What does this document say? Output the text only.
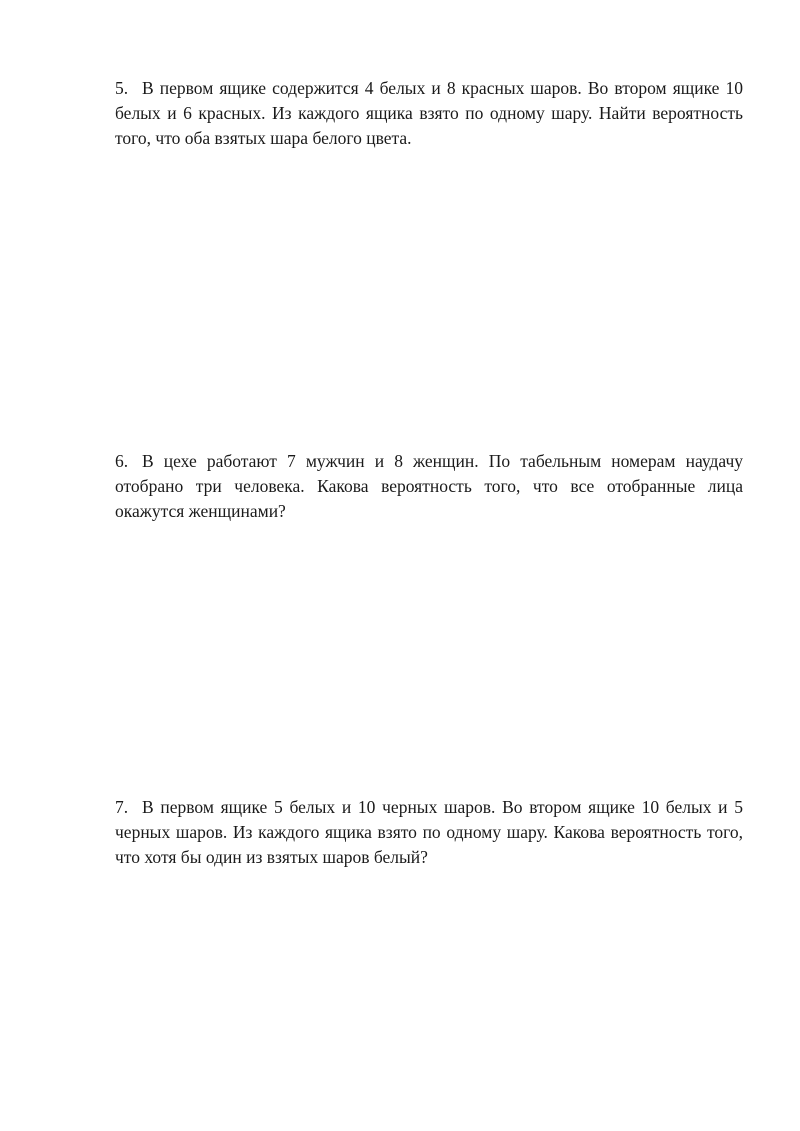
5. В первом ящике содержится 4 белых и 8 красных шаров. Во втором ящике 10 белых и 6 красных. Из каждого ящика взято по одному шару. Найти вероятность того, что оба взятых шара белого цвета.
6. В цехе работают 7 мужчин и 8 женщин. По табельным номерам наудачу отобрано три человека. Какова вероятность того, что все отобранные лица окажутся женщинами?
7. В первом ящике 5 белых и 10 черных шаров. Во втором ящике 10 белых и 5 черных шаров. Из каждого ящика взято по одному шару. Какова вероятность того, что хотя бы один из взятых шаров белый?
